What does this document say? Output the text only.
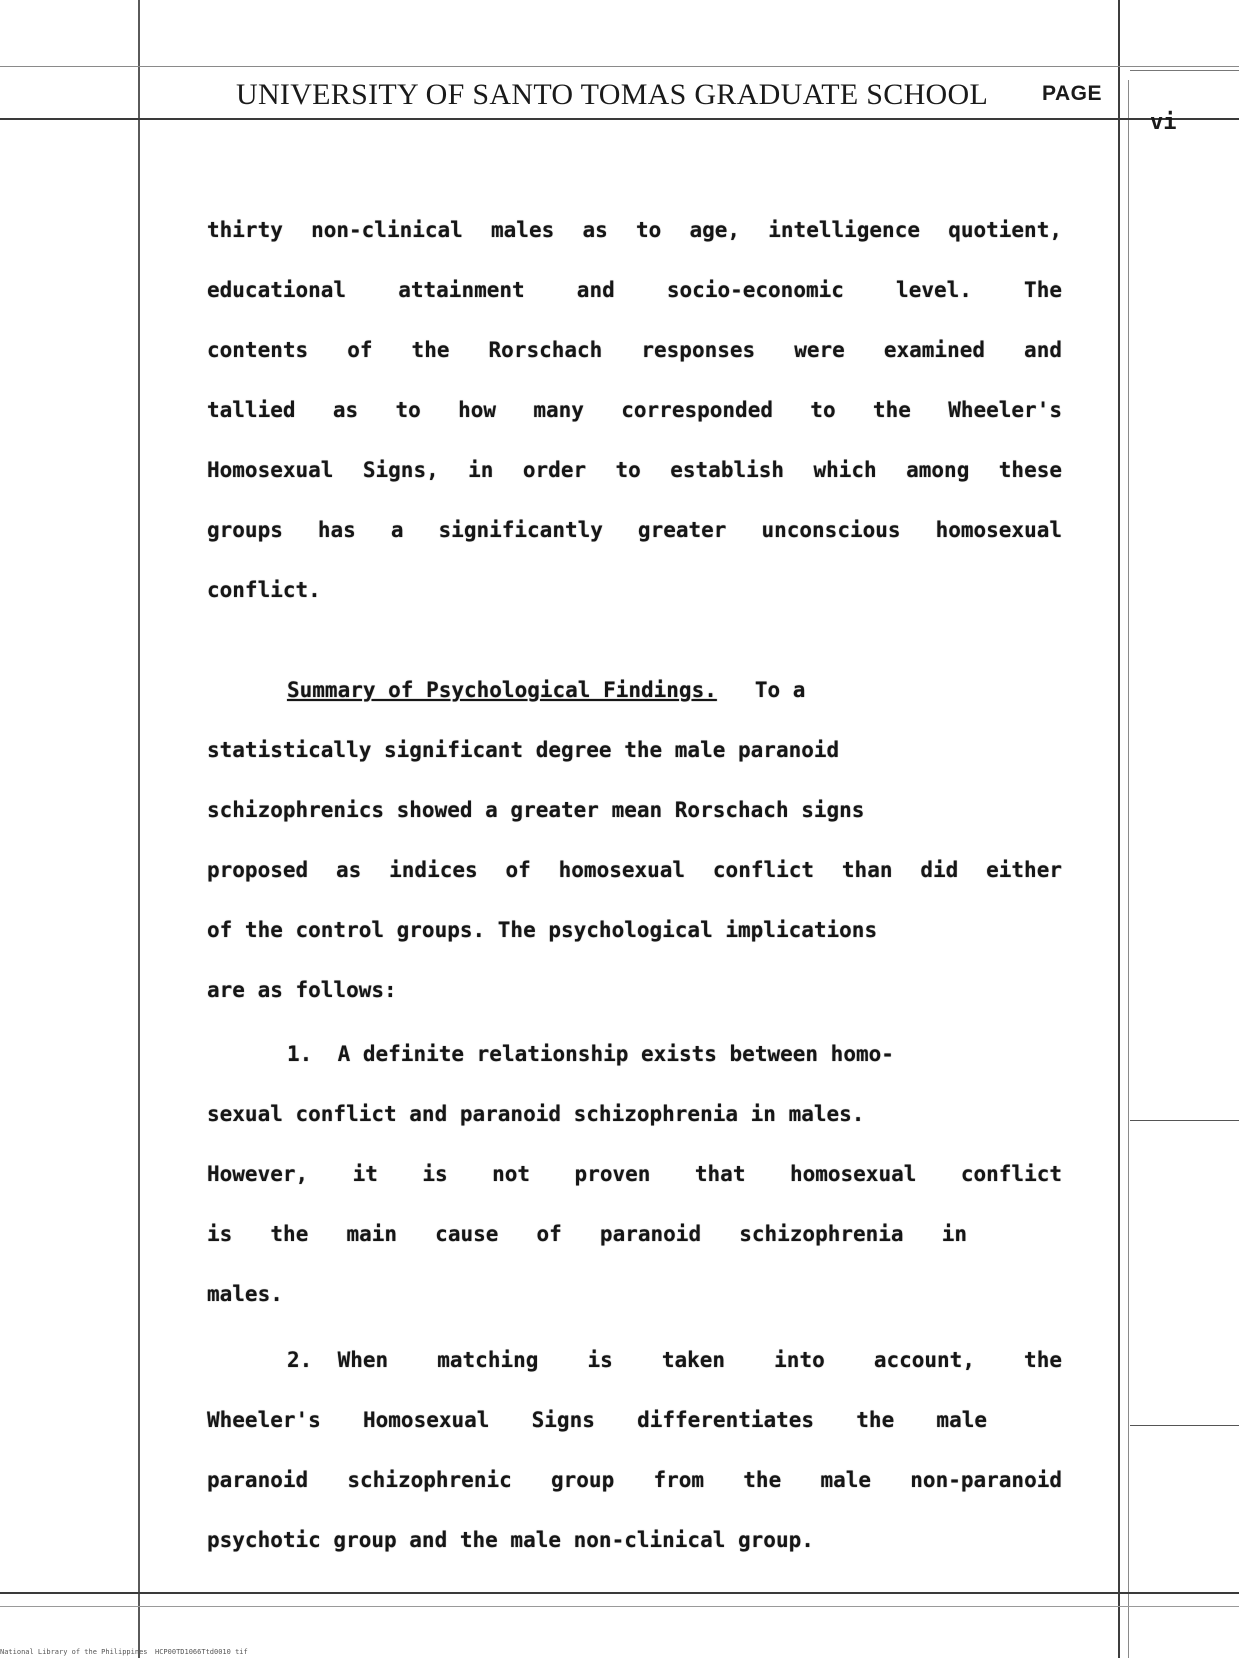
UNIVERSITY OF SANTO TOMAS GRADUATE SCHOOL	PAGE
vi
thirty non-clinical males as to age, intelligence quotient,
educational attainment and socio-economic level. The
contents of the Rorschach responses were examined and
tallied as to how many corresponded to the Wheeler's
Homosexual Signs, in order to establish which among these
groups has a significantly greater unconscious homosexual
conflict.
Summary of Psychological Findings. To a
statistically significant degree the male paranoid
schizophrenics showed a greater mean Rorschach signs
proposed as indices of homosexual conflict than did either
of the control groups. The psychological implications
are as follows:
1. A definite relationship exists between homo-
sexual conflict and paranoid schizophrenia in males.
However, it is not proven that homosexual conflict
is the main cause of paranoid schizophrenia in
males.
2.
When matching is taken into account, the
Wheeler's Homosexual Signs differentiates the male
paranoid schizophrenic group from the male non-paranoid
psychotic group and the male non-clinical group.
National Library of the Philippines HCP00TD1066Ttd0010 tif
